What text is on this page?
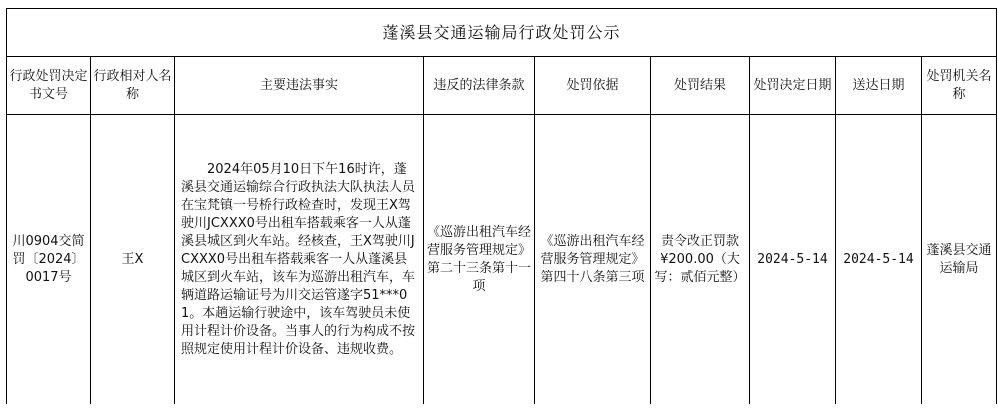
蓬溪县交通运输局行政处罚公示								
行政处罚决定书文号	行政相对人名称	主要违法事实	违反的法律条款	处罚依据	处罚结果	处罚决定日期	送达日期	处罚机关名称
川0904交简罚〔2024〕0017号	王X	2024年05月10日下午16时许，蓬溪县交通运输综合行政执法大队执法人员在宝梵镇一号桥行政检查时，发现王X驾驶川JCXXX0号出租车搭载乘客一人从蓬溪县城区到火车站。经核查，王X驾驶川JCXXX0号出租车搭载乘客一人从蓬溪县城区到火车站，该车为巡游出租汽车，车辆道路运输证号为川交运管遂字51***01。本趟运输行驶途中，该车驾驶员未使用计程计价设备。当事人的行为构成不按照规定使用计程计价设备、违规收费。	《巡游出租汽车经营服务管理规定》第二十三条第十一项	《巡游出租汽车经营服务管理规定》第四十八条第三项	责令改正罚款¥200.00（大写：贰佰元整）	2024-5-14	2024-5-14	蓬溪县交通运输局
